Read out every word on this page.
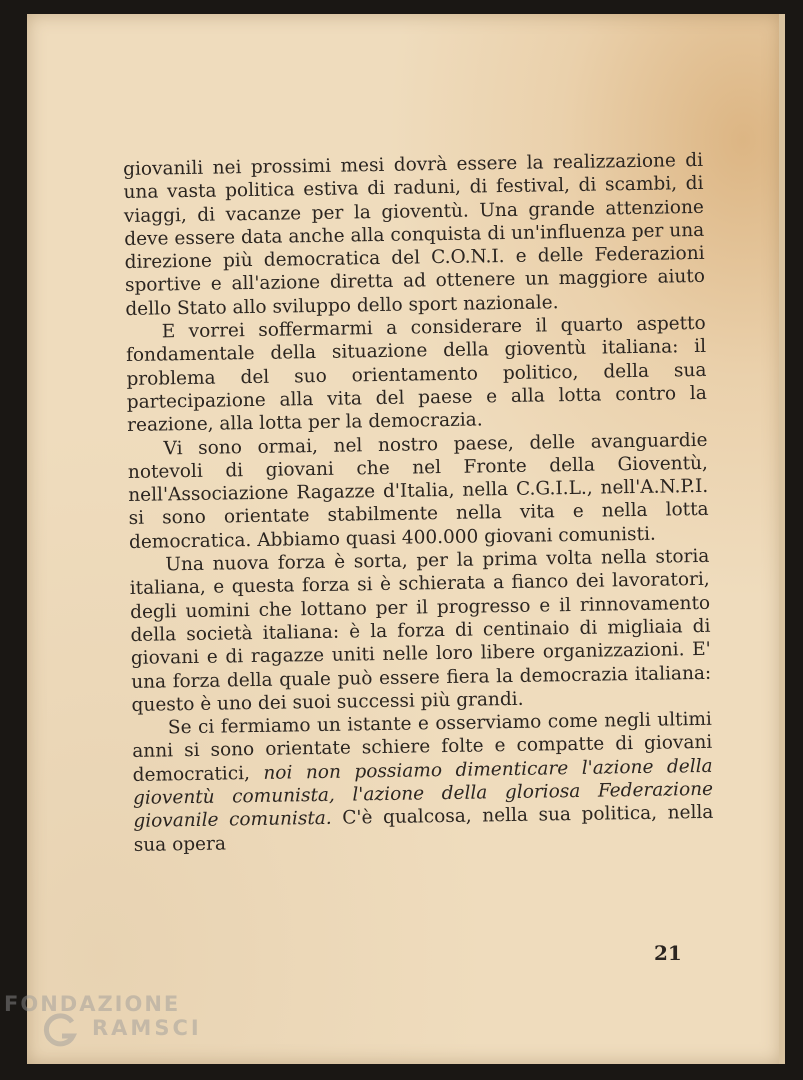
giovanili nei prossimi mesi dovrà essere la realizzazione di una vasta politica estiva di raduni, di festival, di scambi, di viaggi, di vacanze per la gioventù. Una grande attenzione deve essere data anche alla conquista di un'influenza per una direzione più democratica del C.O.N.I. e delle Federazioni sportive e all'azione diretta ad ottenere un maggiore aiuto dello Stato allo sviluppo dello sport nazionale.

E vorrei soffermarmi a considerare il quarto aspetto fondamentale della situazione della gioventù italiana: il problema del suo orientamento politico, della sua partecipazione alla vita del paese e alla lotta contro la reazione, alla lotta per la democrazia.

Vi sono ormai, nel nostro paese, delle avanguardie notevoli di giovani che nel Fronte della Gioventù, nell'Associazione Ragazze d'Italia, nella C.G.I.L., nell'A.N.P.I. si sono orientate stabilmente nella vita e nella lotta democratica. Abbiamo quasi 400.000 giovani comunisti.

Una nuova forza è sorta, per la prima volta nella storia italiana, e questa forza si è schierata a fianco dei lavoratori, degli uomini che lottano per il progresso e il rinnovamento della società italiana: è la forza di centinaio di migliaia di giovani e di ragazze uniti nelle loro libere organizzazioni. E' una forza della quale può essere fiera la democrazia italiana: questo è uno dei suoi successi più grandi.

Se ci fermiamo un istante e osserviamo come negli ultimi anni si sono orientate schiere folte e compatte di giovani democratici, noi non possiamo dimenticare l'azione della gioventù comunista, l'azione della gloriosa Federazione giovanile comunista. C'è qualcosa, nella sua politica, nella sua opera

21
FONDAZIONE
RAMSCI
